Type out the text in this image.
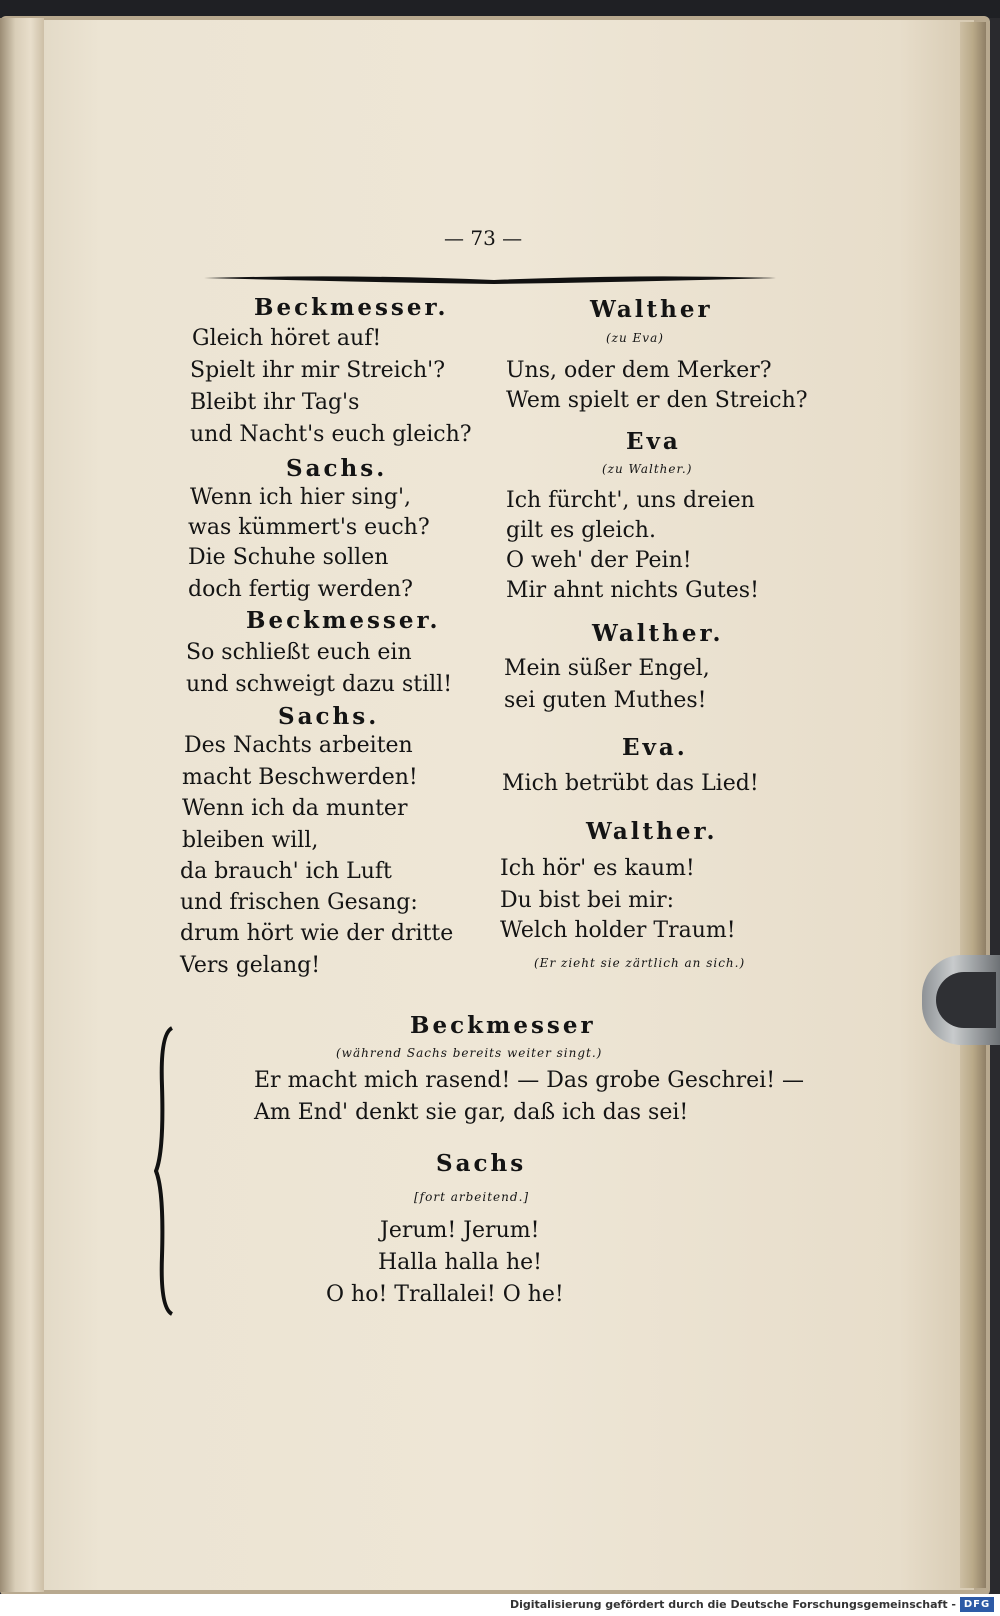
— 73 —
Beckmesser.
Gleich höret auf!
Spielt ihr mir Streich'?
Bleibt ihr Tag's
und Nacht's euch gleich?
Sachs.
Wenn ich hier sing',
was kümmert's euch?
Die Schuhe sollen
doch fertig werden?
Beckmesser.
So schließt euch ein
und schweigt dazu still!
Sachs.
Des Nachts arbeiten
macht Beschwerden!
Wenn ich da munter
bleiben will,
da brauch' ich Luft
und frischen Gesang:
drum hört wie der dritte
Vers gelang!
Walther
(zu Eva)
Uns, oder dem Merker?
Wem spielt er den Streich?
Eva
(zu Walther.)
Ich fürcht', uns dreien
gilt es gleich.
O weh' der Pein!
Mir ahnt nichts Gutes!
Walther.
Mein süßer Engel,
sei guten Muthes!
Eva.
Mich betrübt das Lied!
Walther.
Ich hör' es kaum!
Du bist bei mir:
Welch holder Traum!
(Er zieht sie zärtlich an sich.)
Beckmesser
(während Sachs bereits weiter singt.)
Er macht mich rasend! — Das grobe Geschrei! —
Am End' denkt sie gar, daß ich das sei!
Sachs
[fort arbeitend.]
Jerum! Jerum!
Halla halla he!
O ho! Trallalei! O he!
Digitalisierung gefördert durch die Deutsche Forschungsgemeinschaft - DFG
